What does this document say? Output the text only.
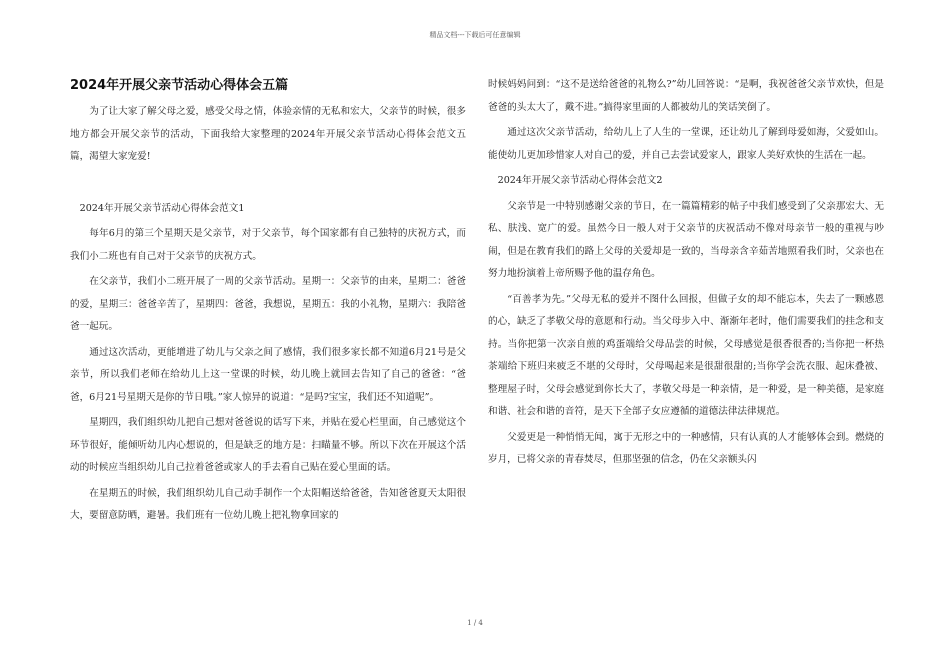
精品文档---下载后可任意编辑
2024年开展父亲节活动心得体会五篇

为了让大家了解父母之爱，感受父母之情，体验亲情的无私和宏大，父亲节的时候，很多地方都会开展父亲节的活动，下面我给大家整理的2024年开展父亲节活动心得体会范文五篇，渴望大家宠爱!

2024年开展父亲节活动心得体会范文1

每年6月的第三个星期天是父亲节，对于父亲节，每个国家都有自己独特的庆祝方式，而我们小二班也有自己对于父亲节的庆祝方式。

在父亲节，我们小二班开展了一周的父亲节活动。星期一：父亲节的由来，星期二：爸爸的爱，星期三：爸爸辛苦了，星期四：爸爸，我想说，星期五：我的小礼物，星期六：我陪爸爸一起玩。

通过这次活动，更能增进了幼儿与父亲之间了感情，我们很多家长都不知道6月21号是父亲节，所以我们老师在给幼儿上这一堂课的时候，幼儿晚上就回去告知了自己的爸爸：“爸爸，6月21号星期天是你的节日哦。”家人惊异的说道：“是吗?宝宝，我们还不知道呢”。

星期四，我们组织幼儿把自己想对爸爸说的话写下来，并贴在爱心栏里面，自己感觉这个环节很好，能倾听幼儿内心想说的，但是缺乏的地方是：扫瞄量不够。所以下次在开展这个活动的时候应当组织幼儿自己拉着爸爸或家人的手去看自己贴在爱心里面的话。

在星期五的时候，我们组织幼儿自己动手制作一个太阳帽送给爸爸，告知爸爸夏天太阳很大，要留意防晒，避暑。我们班有一位幼儿晚上把礼物拿回家的

时候妈妈问到：“这不是送给爸爸的礼物么?”幼儿回答说：“是啊，我祝爸爸父亲节欢快，但是爸爸的头太大了，戴不进。”搞得家里面的人都被幼儿的笑话笑倒了。

通过这次父亲节活动，给幼儿上了人生的一堂课，还让幼儿了解到母爱如海，父爱如山。能使幼儿更加珍惜家人对自己的爱，并自己去尝试爱家人，跟家人美好欢快的生活在一起。

2024年开展父亲节活动心得体会范文2

父亲节是一中特别感谢父亲的节日，在一篇篇精彩的帖子中我们感受到了父亲那宏大、无私、肤浅、宽广的爱。虽然今日一般人对于父亲节的庆祝活动不像对母亲节一般的重视与吵闹，但是在教育我们的路上父母的关爱却是一致的，当母亲含辛茹苦地照看我们时，父亲也在努力地扮演着上帝所赐予他的温存角色。

“百善孝为先。”父母无私的爱并不图什么回报，但做子女的却不能忘本，失去了一颗感恩的心，缺乏了孝敬父母的意愿和行动。当父母步入中、渐渐年老时，他们需要我们的挂念和支持。当你把第一次亲自煎的鸡蛋端给父母品尝的时候，父母感觉是很香很香的;当你把一杯热茶端给下班归来疲乏不堪的父母时，父母喝起来是很甜很甜的;当你学会洗衣服、起床叠被、整理屋子时，父母会感觉到你长大了，孝敬父母是一种亲情，是一种爱，是一种美德，是家庭和谐、社会和谐的音符，是天下全部子女应遵循的道德法律法律规范。

父爱更是一种悄悄无闻，寓于无形之中的一种感情，只有认真的人才能够体会到。燃烧的岁月，已将父亲的青春焚尽，但那坚强的信念，仍在父亲额头闪

1 / 4
